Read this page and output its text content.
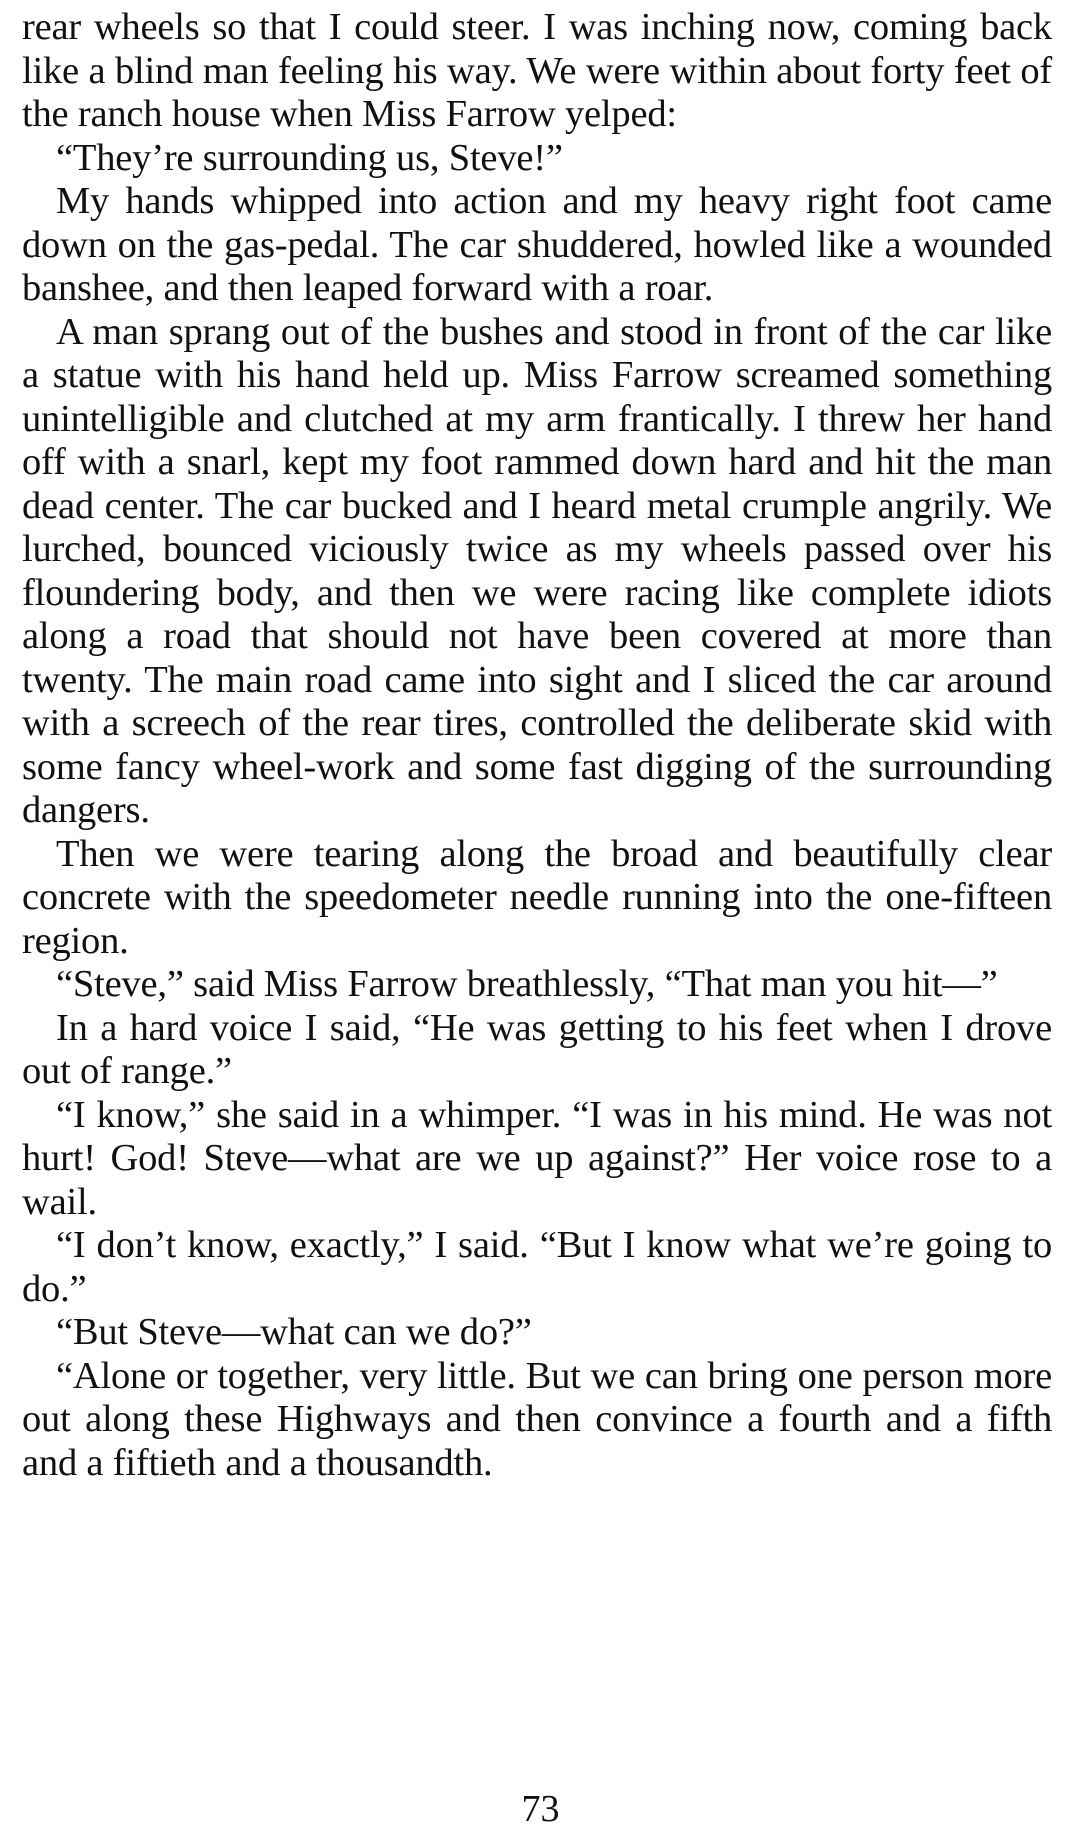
rear wheels so that I could steer. I was inching now, coming back like a blind man feeling his way. We were within about forty feet of the ranch house when Miss Farrow yelped:

“They’re surrounding us, Steve!”

My hands whipped into action and my heavy right foot came down on the gas-pedal. The car shuddered, howled like a wounded banshee, and then leaped forward with a roar.

A man sprang out of the bushes and stood in front of the car like a statue with his hand held up. Miss Farrow screamed something unintelligible and clutched at my arm frantically. I threw her hand off with a snarl, kept my foot rammed down hard and hit the man dead center. The car bucked and I heard metal crumple angrily. We lurched, bounced viciously twice as my wheels passed over his floundering body, and then we were racing like complete idiots along a road that should not have been covered at more than twenty. The main road came into sight and I sliced the car around with a screech of the rear tires, controlled the deliberate skid with some fancy wheel-work and some fast digging of the surrounding dangers.

Then we were tearing along the broad and beautifully clear concrete with the speedometer needle running into the one-fifteen region.

“Steve,” said Miss Farrow breathlessly, “That man you hit—”

In a hard voice I said, “He was getting to his feet when I drove out of range.”

“I know,” she said in a whimper. “I was in his mind. He was not hurt! God! Steve—what are we up against?” Her voice rose to a wail.

“I don’t know, exactly,” I said. “But I know what we’re going to do.”

“But Steve—what can we do?”

“Alone or together, very little. But we can bring one person more out along these Highways and then convince a fourth and a fifth and a fiftieth and a thousandth.

73
